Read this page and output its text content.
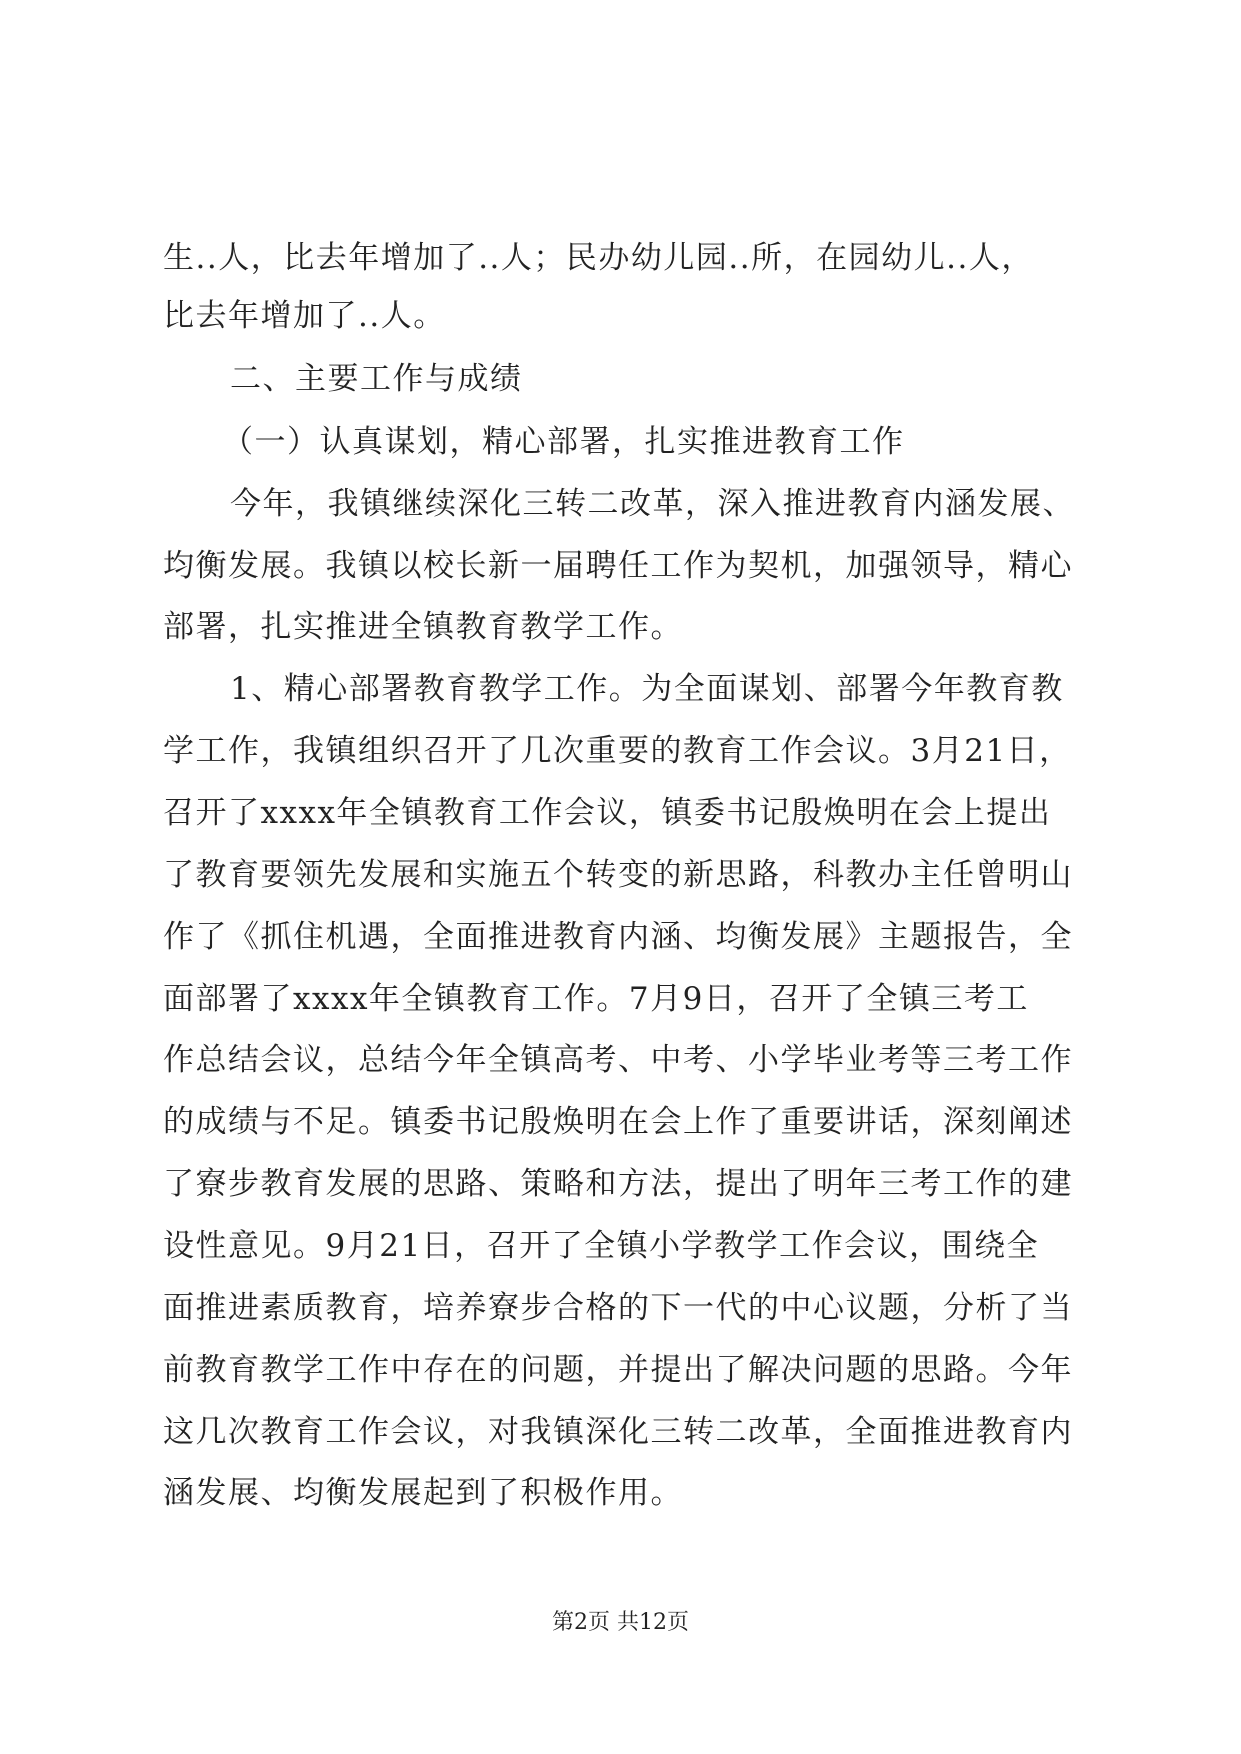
生..人，比去年增加了..人；民办幼儿园..所，在园幼儿..人，
比去年增加了..人。
二、主要工作与成绩
（一）认真谋划，精心部署，扎实推进教育工作
今年，我镇继续深化三转二改革，深入推进教育内涵发展、
均衡发展。我镇以校长新一届聘任工作为契机，加强领导，精心
部署，扎实推进全镇教育教学工作。
1、精心部署教育教学工作。为全面谋划、部署今年教育教
学工作，我镇组织召开了几次重要的教育工作会议。3月21日，
召开了xxxx年全镇教育工作会议，镇委书记殷焕明在会上提出
了教育要领先发展和实施五个转变的新思路，科教办主任曾明山
作了《抓住机遇，全面推进教育内涵、均衡发展》主题报告，全
面部署了xxxx年全镇教育工作。7月9日，召开了全镇三考工
作总结会议，总结今年全镇高考、中考、小学毕业考等三考工作
的成绩与不足。镇委书记殷焕明在会上作了重要讲话，深刻阐述
了寮步教育发展的思路、策略和方法，提出了明年三考工作的建
设性意见。9月21日，召开了全镇小学教学工作会议，围绕全
面推进素质教育，培养寮步合格的下一代的中心议题，分析了当
前教育教学工作中存在的问题，并提出了解决问题的思路。今年
这几次教育工作会议，对我镇深化三转二改革，全面推进教育内
涵发展、均衡发展起到了积极作用。
第2页 共12页
